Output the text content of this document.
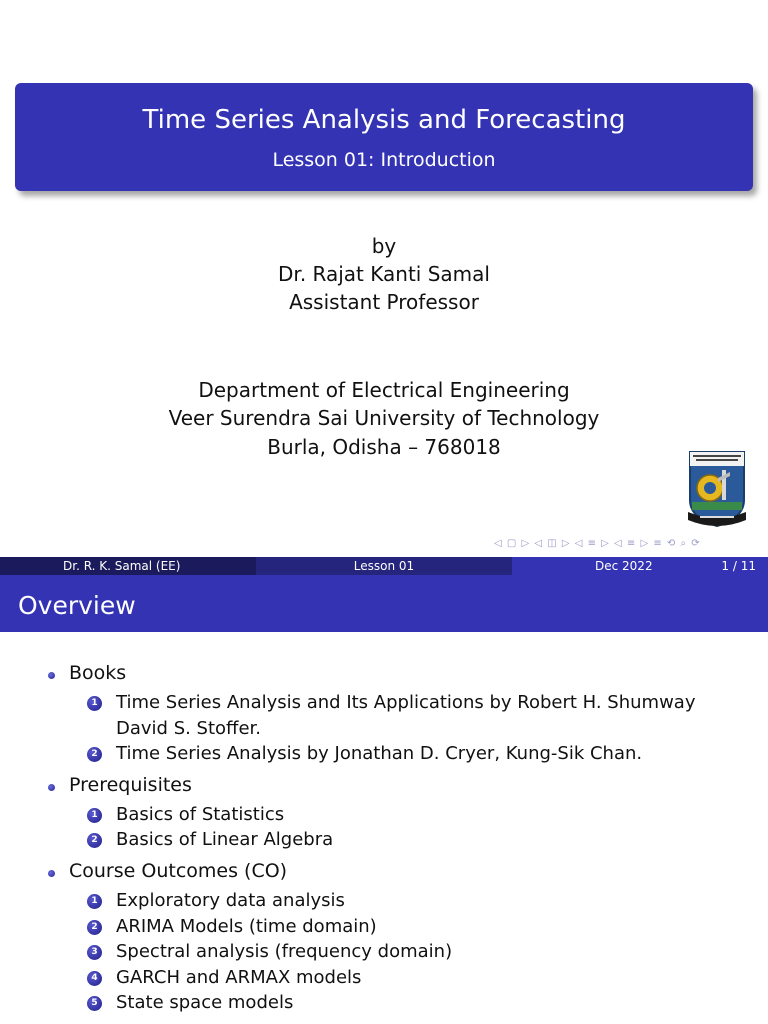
Time Series Analysis and Forecasting
Lesson 01: Introduction
by
Dr. Rajat Kanti Samal
Assistant Professor
Department of Electrical Engineering
Veer Surendra Sai University of Technology
Burla, Odisha – 768018
◁ ▢ ▷ ◁ ◫ ▷ ◁ ≡ ▷ ◁ ≡ ▷ ≡ ⟲ ⌕ ⟳
Dr. R. K. Samal (EE)	Lesson 01	Dec 2022	1 / 11
Overview
Books
1 Time Series Analysis and Its Applications by Robert H. Shumway
David S. Stoffer.
2 Time Series Analysis by Jonathan D. Cryer, Kung-Sik Chan.
Prerequisites
1 Basics of Statistics
2 Basics of Linear Algebra
Course Outcomes (CO)
1 Exploratory data analysis
2 ARIMA Models (time domain)
3 Spectral analysis (frequency domain)
4 GARCH and ARMAX models
5 State space models
